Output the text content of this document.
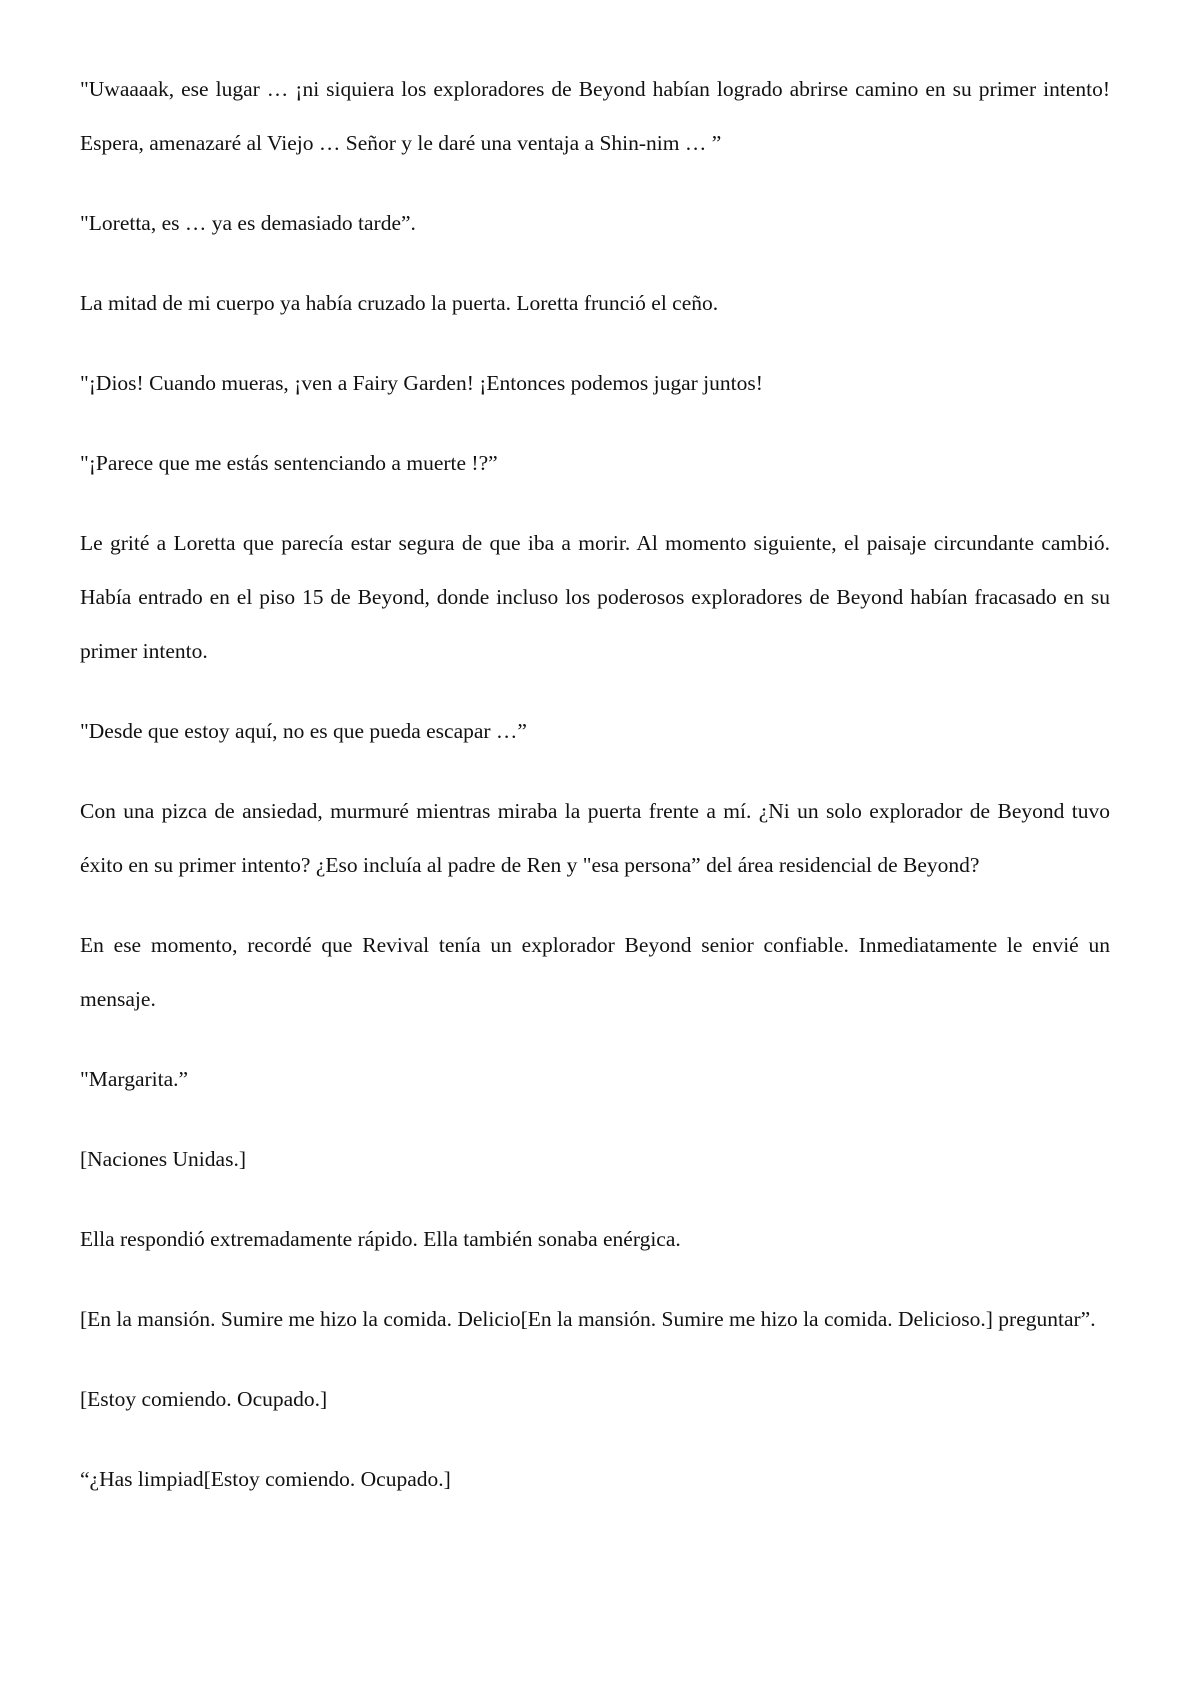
"Uwaaaak, ese lugar … ¡ni siquiera los exploradores de Beyond habían logrado abrirse camino en su primer intento! Espera, amenazaré al Viejo … Señor y le daré una ventaja a Shin-nim … ”

"Loretta, es … ya es demasiado tarde”.

La mitad de mi cuerpo ya había cruzado la puerta. Loretta frunció el ceño.

"¡Dios! Cuando mueras, ¡ven a Fairy Garden! ¡Entonces podemos jugar juntos!

"¡Parece que me estás sentenciando a muerte !?”

Le grité a Loretta que parecía estar segura de que iba a morir. Al momento siguiente, el paisaje circundante cambió. Había entrado en el piso 15 de Beyond, donde incluso los poderosos exploradores de Beyond habían fracasado en su primer intento.

"Desde que estoy aquí, no es que pueda escapar …”

Con una pizca de ansiedad, murmuré mientras miraba la puerta frente a mí. ¿Ni un solo explorador de Beyond tuvo éxito en su primer intento? ¿Eso incluía al padre de Ren y "esa persona” del área residencial de Beyond?

En ese momento, recordé que Revival tenía un explorador Beyond senior confiable. Inmediatamente le envié un mensaje.

"Margarita.”

[Naciones Unidas.]

Ella respondió extremadamente rápido. Ella también sonaba enérgica.

[En la mansión. Sumire me hizo la comida. Delicio[En la mansión. Sumire me hizo la comida. Delicioso.] preguntar”.

[Estoy comiendo. Ocupado.]

“¿Has limpiad[Estoy comiendo. Ocupado.]
